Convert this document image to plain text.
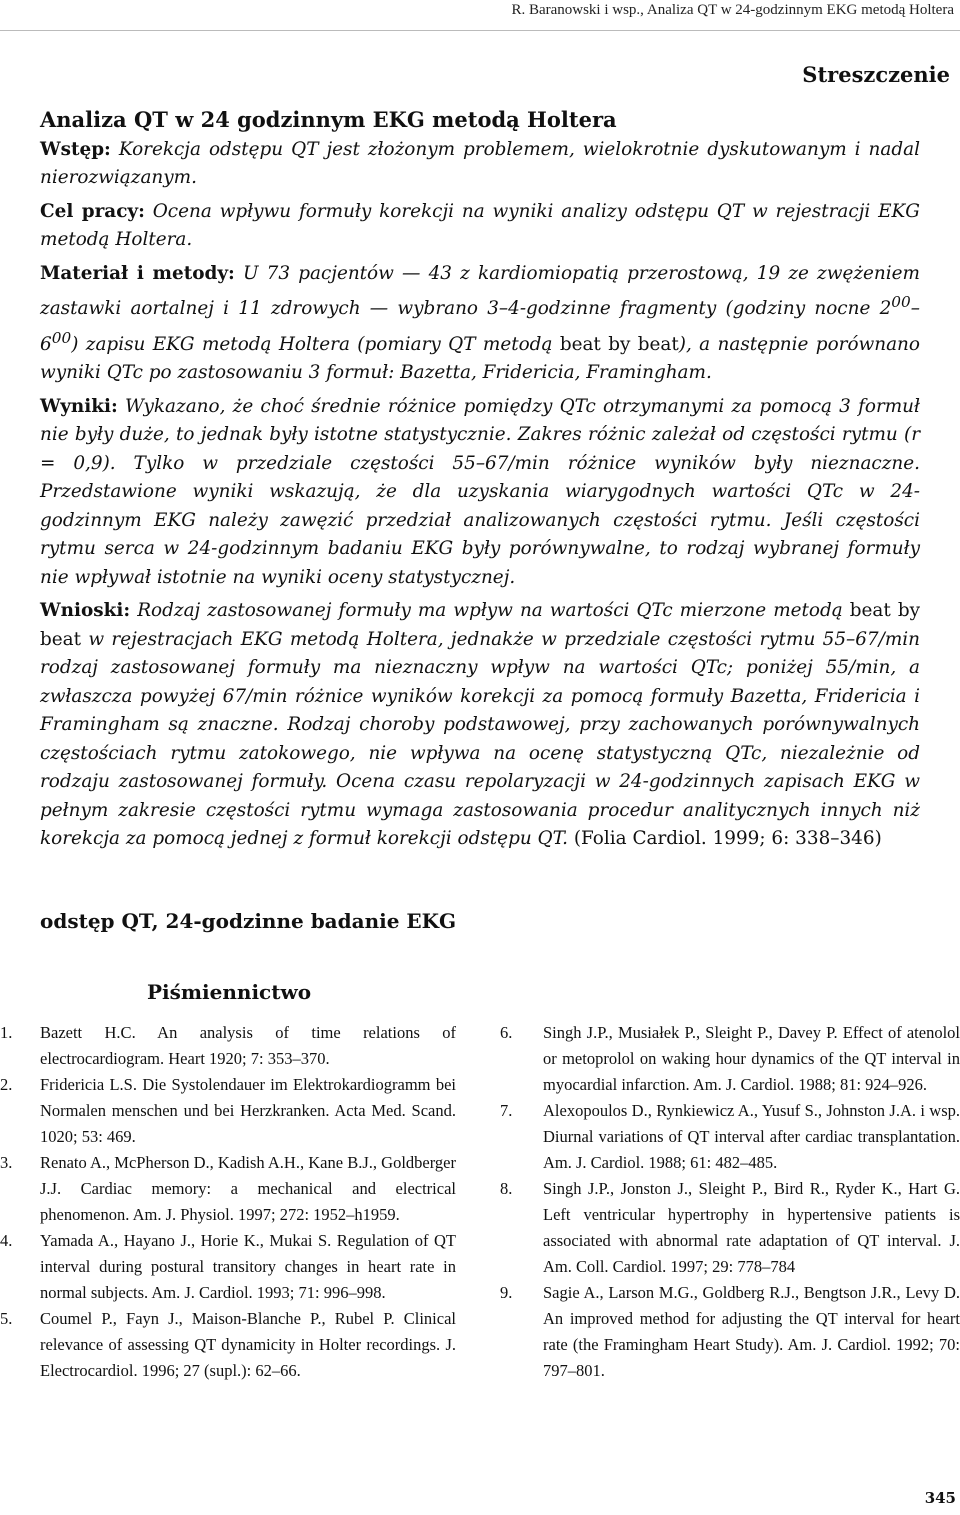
R. Baranowski i wsp., Analiza QT w 24-godzinnym EKG metodą Holtera
Streszczenie

Analiza QT w 24 godzinnym EKG metodą Holtera

Wstęp: Korekcja odstępu QT jest złożonym problemem, wielokrotnie dyskutowanym i nadal nierozwiązanym.

Cel pracy: Ocena wpływu formuły korekcji na wyniki analizy odstępu QT w rejestracji EKG metodą Holtera.

Materiał i metody: U 73 pacjentów — 43 z kardiomiopatią przerostową, 19 ze zwężeniem zastawki aortalnej i 11 zdrowych — wybrano 3–4-godzinne fragmenty (godziny nocne $2^{00}-6^{00}$) zapisu EKG metodą Holtera (pomiary QT metodą beat by beat), a następnie porównano wyniki QTc po zastosowaniu 3 formuł: Bazetta, Fridericia, Framingham.

Wyniki: Wykazano, że choć średnie różnice pomiędzy QTc otrzymanymi za pomocą 3 formuł nie były duże, to jednak były istotne statystycznie. Zakres różnic zależał od częstości rytmu (r = 0,9). Tylko w przedziale częstości 55–67/min różnice wyników były nieznaczne. Przedstawione wyniki wskazują, że dla uzyskania wiarygodnych wartości QTc w 24-godzinnym EKG należy zawęzić przedział analizowanych częstości rytmu. Jeśli częstości rytmu serca w 24-godzinnym badaniu EKG były porównywalne, to rodzaj wybranej formuły nie wpływał istotnie na wyniki oceny statystycznej.

Wnioski: Rodzaj zastosowanej formuły ma wpływ na wartości QTc mierzone metodą beat by beat w rejestracjach EKG metodą Holtera, jednakże w przedziale częstości rytmu 55–67/min rodzaj zastosowanej formuły ma nieznaczny wpływ na wartości QTc; poniżej 55/min, a zwłaszcza powyżej 67/min różnice wyników korekcji za pomocą formuły Bazetta, Fridericia i Framingham są znaczne. Rodzaj choroby podstawowej, przy zachowanych porównywalnych częstościach rytmu zatokowego, nie wpływa na ocenę statystyczną QTc, niezależnie od rodzaju zastosowanej formuły. Ocena czasu repolaryzacji w 24-godzinnych zapisach EKG w pełnym zakresie częstości rytmu wymaga zastosowania procedur analitycznych innych niż korekcja za pomocą jednej z formuł korekcji odstępu QT. (Folia Cardiol. 1999; 6: 338–346)

odstęp QT, 24-godzinne badanie EKG
Piśmiennictwo
1. Bazett H.C. An analysis of time relations of electrocardiogram. Heart 1920; 7: 353–370.
2. Fridericia L.S. Die Systolendauer im Elektrokardiogramm bei Normalen menschen und bei Herzkranken. Acta Med. Scand. 1020; 53: 469.
3. Renato A., McPherson D., Kadish A.H., Kane B.J., Goldberger J.J. Cardiac memory: a mechanical and electrical phenomenon. Am. J. Physiol. 1997; 272: 1952–h1959.
4. Yamada A., Hayano J., Horie K., Mukai S. Regulation of QT interval during postural transitory changes in heart rate in normal subjects. Am. J. Cardiol. 1993; 71: 996–998.
5. Coumel P., Fayn J., Maison-Blanche P., Rubel P. Clinical relevance of assessing QT dynamicity in Holter recordings. J. Electrocardiol. 1996; 27 (supl.): 62–66.
6. Singh J.P., Musiałek P., Sleight P., Davey P. Effect of atenolol or metoprolol on waking hour dynamics of the QT interval in myocardial infarction. Am. J. Cardiol. 1988; 81: 924–926.
7. Alexopoulos D., Rynkiewicz A., Yusuf S., Johnston J.A. i wsp. Diurnal variations of QT interval after cardiac transplantation. Am. J. Cardiol. 1988; 61: 482–485.
8. Singh J.P., Jonston J., Sleight P., Bird R., Ryder K., Hart G. Left ventricular hypertrophy in hypertensive patients is associated with abnormal rate adaptation of QT interval. J. Am. Coll. Cardiol. 1997; 29: 778–784
9. Sagie A., Larson M.G., Goldberg R.J., Bengtson J.R., Levy D. An improved method for adjusting the QT interval for heart rate (the Framingham Heart Study). Am. J. Cardiol. 1992; 70: 797–801.
345
